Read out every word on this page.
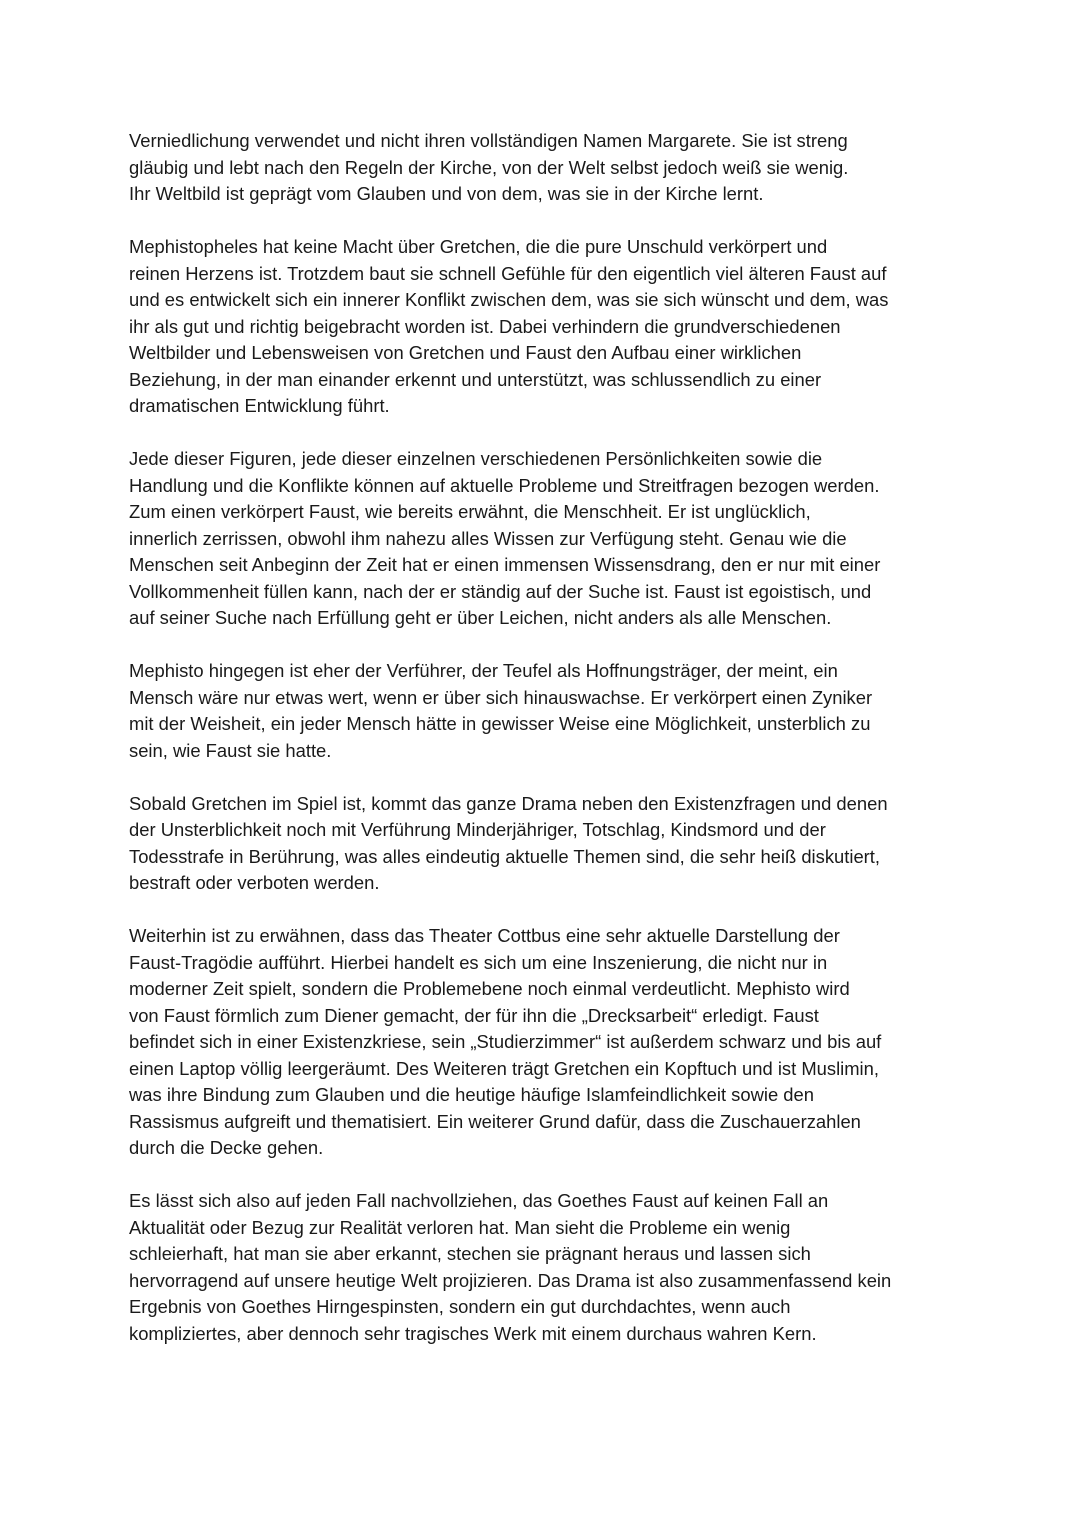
Verniedlichung verwendet und nicht ihren vollständigen Namen Margarete. Sie ist streng
gläubig und lebt nach den Regeln der Kirche, von der Welt selbst jedoch weiß sie wenig.
Ihr Weltbild ist geprägt vom Glauben und von dem, was sie in der Kirche lernt.

Mephistopheles hat keine Macht über Gretchen, die die pure Unschuld verkörpert und
reinen Herzens ist. Trotzdem baut sie schnell Gefühle für den eigentlich viel älteren Faust auf
und es entwickelt sich ein innerer Konflikt zwischen dem, was sie sich wünscht und dem, was
ihr als gut und richtig beigebracht worden ist. Dabei verhindern die grundverschiedenen
Weltbilder und Lebensweisen von Gretchen und Faust den Aufbau einer wirklichen
Beziehung, in der man einander erkennt und unterstützt, was schlussendlich zu einer
dramatischen Entwicklung führt.

Jede dieser Figuren, jede dieser einzelnen verschiedenen Persönlichkeiten sowie die
Handlung und die Konflikte können auf aktuelle Probleme und Streitfragen bezogen werden.
Zum einen verkörpert Faust, wie bereits erwähnt, die Menschheit. Er ist unglücklich,
innerlich zerrissen, obwohl ihm nahezu alles Wissen zur Verfügung steht. Genau wie die
Menschen seit Anbeginn der Zeit hat er einen immensen Wissensdrang, den er nur mit einer
Vollkommenheit füllen kann, nach der er ständig auf der Suche ist. Faust ist egoistisch, und
auf seiner Suche nach Erfüllung geht er über Leichen, nicht anders als alle Menschen.

Mephisto hingegen ist eher der Verführer, der Teufel als Hoffnungsträger, der meint, ein
Mensch wäre nur etwas wert, wenn er über sich hinauswachse. Er verkörpert einen Zyniker
mit der Weisheit, ein jeder Mensch hätte in gewisser Weise eine Möglichkeit, unsterblich zu
sein, wie Faust sie hatte.

Sobald Gretchen im Spiel ist, kommt das ganze Drama neben den Existenzfragen und denen
der Unsterblichkeit noch mit Verführung Minderjähriger, Totschlag, Kindsmord und der
Todesstrafe in Berührung, was alles eindeutig aktuelle Themen sind, die sehr heiß diskutiert,
bestraft oder verboten werden.

Weiterhin ist zu erwähnen, dass das Theater Cottbus eine sehr aktuelle Darstellung der
Faust-Tragödie aufführt. Hierbei handelt es sich um eine Inszenierung, die nicht nur in
moderner Zeit spielt, sondern die Problemebene noch einmal verdeutlicht. Mephisto wird
von Faust förmlich zum Diener gemacht, der für ihn die „Drecksarbeit“ erledigt. Faust
befindet sich in einer Existenzkriese, sein „Studierzimmer“ ist außerdem schwarz und bis auf
einen Laptop völlig leergeräumt. Des Weiteren trägt Gretchen ein Kopftuch und ist Muslimin,
was ihre Bindung zum Glauben und die heutige häufige Islamfeindlichkeit sowie den
Rassismus aufgreift und thematisiert. Ein weiterer Grund dafür, dass die Zuschauerzahlen
durch die Decke gehen.

Es lässt sich also auf jeden Fall nachvollziehen, das Goethes Faust auf keinen Fall an
Aktualität oder Bezug zur Realität verloren hat. Man sieht die Probleme ein wenig
schleierhaft, hat man sie aber erkannt, stechen sie prägnant heraus und lassen sich
hervorragend auf unsere heutige Welt projizieren. Das Drama ist also zusammenfassend kein
Ergebnis von Goethes Hirngespinsten, sondern ein gut durchdachtes, wenn auch
kompliziertes, aber dennoch sehr tragisches Werk mit einem durchaus wahren Kern.
